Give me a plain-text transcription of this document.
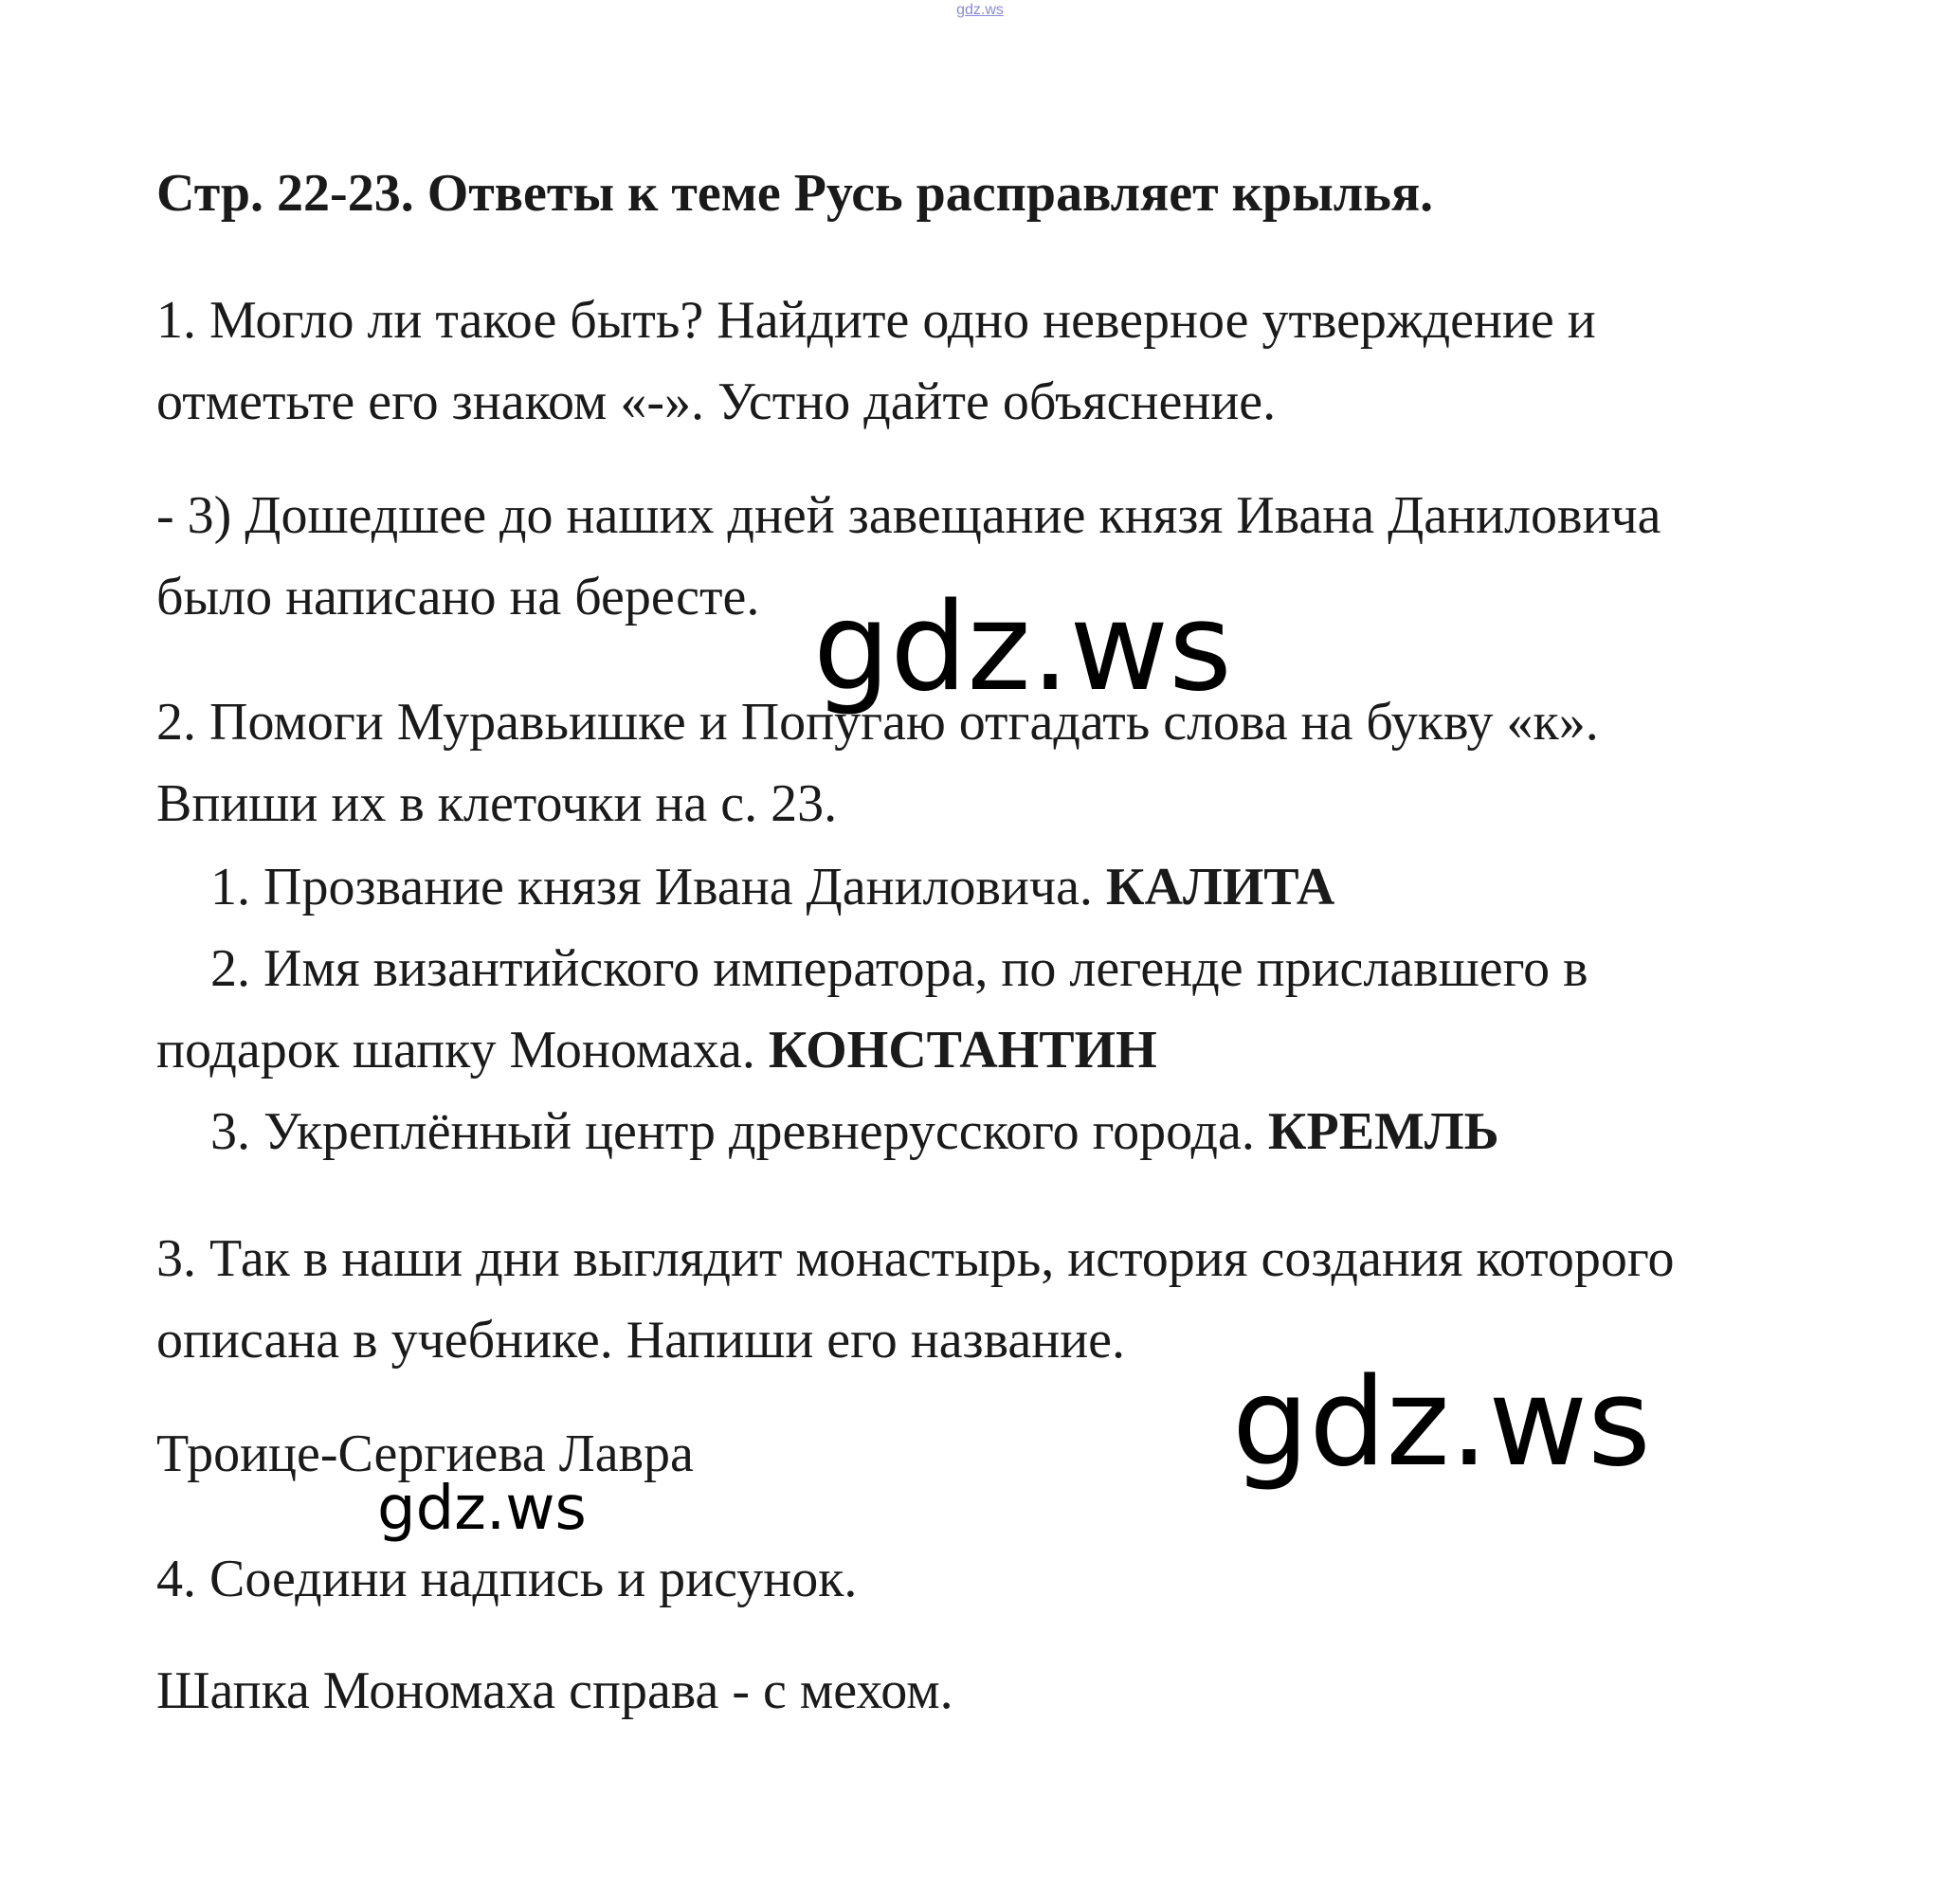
gdz.ws
Стр. 22-23. Ответы к теме Русь расправляет крылья.
1. Могло ли такое быть? Найдите одно неверное утверждение и
отметьте его знаком «-». Устно дайте объяснение.
- 3) Дошедшее до наших дней завещание князя Ивана Даниловича
было написано на бересте.
2. Помоги Муравьишке и Попугаю отгадать слова на букву «к».
Впиши их в клеточки на с. 23.
1. Прозвание князя Ивана Даниловича. КАЛИТА
2. Имя византийского императора, по легенде приславшего в
подарок шапку Мономаха. КОНСТАНТИН
3. Укреплённый центр древнерусского города. КРЕМЛЬ
3. Так в наши дни выглядит монастырь, история создания которого
описана в учебнике. Напиши его название.
Троице-Сергиева Лавра
4. Соедини надпись и рисунок.
Шапка Мономаха справа - с мехом.
gdz.ws
gdz.ws
gdz.ws
